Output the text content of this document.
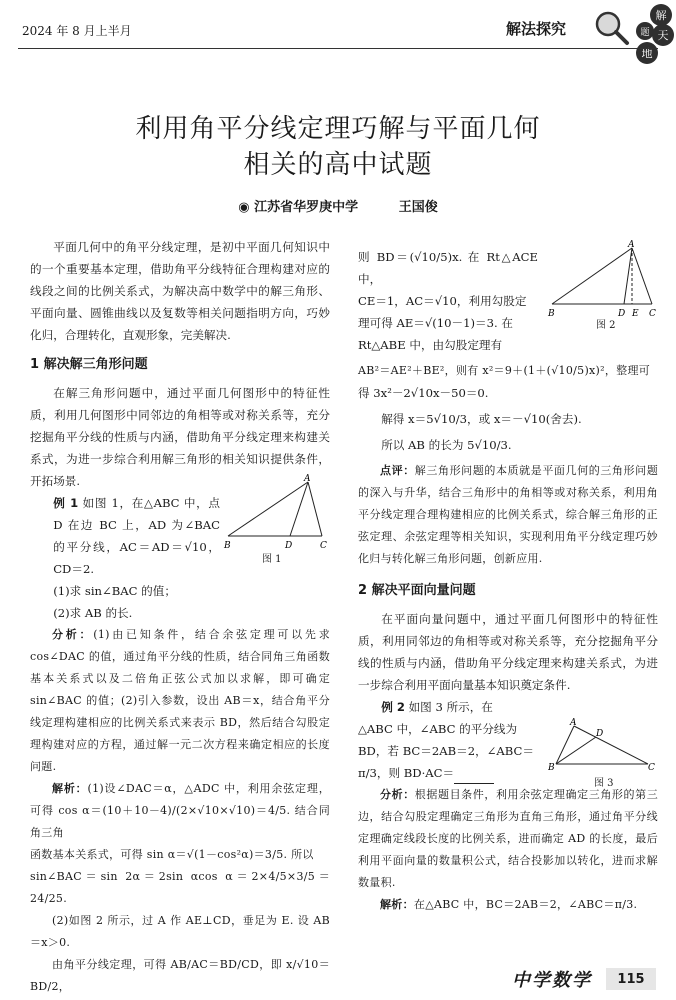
2024 年 8 月上半月	解法探究
解
题 天
地
利用角平分线定理巧解与平面几何
相关的高中试题
◉ 江苏省华罗庚中学	王国俊

平面几何中的角平分线定理，是初中平面几何知识中的一个重要基本定理，借助角平分线特征合理构建对应的线段之间的比例关系式，为解决高中数学中的解三角形、平面向量、圆锥曲线以及复数等相关问题指明方向，巧妙化归，合理转化，直观形象，完美解决.

1 解决解三角形问题

在解三角形问题中，通过平面几何图形中的特征性质，利用几何图形中同邻边的角相等或对称关系等，充分挖掘角平分线的性质与内涵，借助角平分线定理来构建关系式，为进一步综合利用解三角形的相关知识提供条件，开拓场景.

例 1 如图 1，在△ABC 中，点 D 在边 BC 上，AD 为∠BAC 的平分线，AC＝AD＝√10，CD＝2.

(1)求 sin∠BAC 的值；

(2)求 AB 的长.

分析：(1)由已知条件，结合余弦定理可以先求 cos∠DAC 的值，通过角平分线的性质，结合同角三角函数基本关系式以及二倍角正弦公式加以求解，即可确定 sin∠BAC 的值；(2)引入参数，设出 AB＝x，结合角平分线定理构建相应的比例关系式来表示 BD，然后结合勾股定理构建对应的方程，通过解一元二次方程来确定相应的长度问题.

解析：(1)设∠DAC＝α，△ADC 中，利用余弦定理，可得 cos α＝(10＋10－4)/(2×√10×√10)＝4/5. 结合同角三角

函数基本关系式，可得 sin α＝√(1－cos²α)＝3/5. 所以

sin∠BAC＝sin 2α＝2sin αcos α＝2×4/5×3/5＝24/25.

(2)如图 2 所示，过 A 作 AE⊥CD，垂足为 E. 设 AB＝x＞0.

由角平分线定理，可得 AB/AC＝BD/CD，即 x/√10＝BD/2，

A
B	D	C
图 1

则 BD＝(√10/5)x. 在 Rt△ACE 中，

CE＝1，AC＝√10，利用勾股定

理可得 AE＝√(10－1)＝3. 在

Rt△ABE 中，由勾股定理有

AB²＝AE²＋BE²，则有 x²＝9＋(1＋(√10/5)x)²，整理可

得 3x²－2√10x－50＝0.

解得 x＝5√10/3，或 x＝－√10(舍去).

所以 AB 的长为 5√10/3.

点评：解三角形问题的本质就是平面几何的三角形问题的深入与升华，结合三角形中的角相等或对称关系，利用角平分线定理合理构建相应的比例关系式，综合解三角形的正弦定理、余弦定理等相关知识，实现利用角平分线定理巧妙化归与转化解三角形问题，创新应用.

2 解决平面向量问题

在平面向量问题中，通过平面几何图形中的特征性质，利用同邻边的角相等或对称关系等，充分挖掘角平分线的性质与内涵，借助角平分线定理来构建关系式，为进一步综合利用平面向量基本知识奠定条件.

例 2 如图 3 所示，在

△ABC 中，∠ABC 的平分线为

BD，若 BC＝2AB＝2，∠ABC＝

π/3，则 BD·AC＝

分析：根据题目条件，利用余弦定理确定三角形的第三边，结合勾股定理确定三角形为直角三角形，通过角平分线定理确定线段长度的比例关系，进而确定 AD 的长度，最后利用平面向量的数量积公式，结合投影加以转化，进而求解数量积.

解析：在△ABC 中，BC＝2AB＝2，∠ABC＝π/3.

A
B	D E C
图 2
A
D
B	C
图 3
中学数学	115
